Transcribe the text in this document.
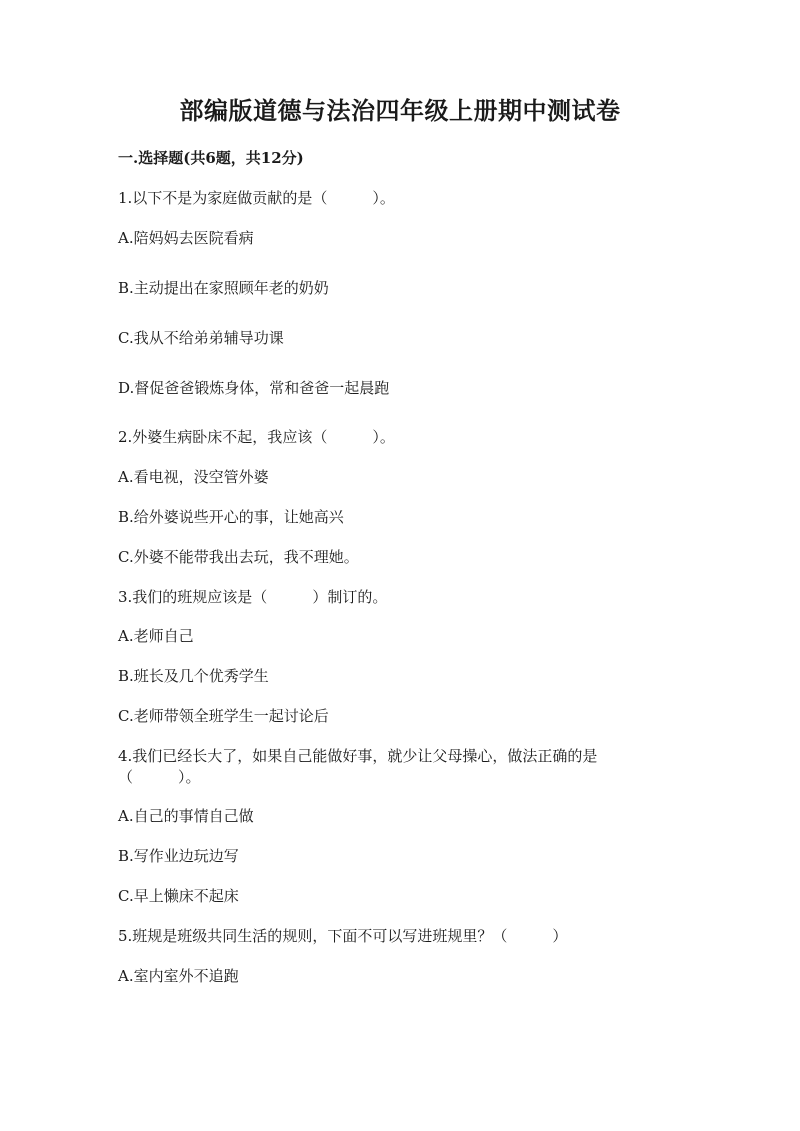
部编版道德与法治四年级上册期中测试卷
一.选择题(共6题，共12分)
1.以下不是为家庭做贡献的是（　　　）。
A.陪妈妈去医院看病
B.主动提出在家照顾年老的奶奶
C.我从不给弟弟辅导功课
D.督促爸爸锻炼身体，常和爸爸一起晨跑
2.外婆生病卧床不起，我应该（　　　）。
A.看电视，没空管外婆
B.给外婆说些开心的事，让她高兴
C.外婆不能带我出去玩，我不理她。
3.我们的班规应该是（　　　）制订的。
A.老师自己
B.班长及几个优秀学生
C.老师带领全班学生一起讨论后
4.我们已经长大了，如果自己能做好事，就少让父母操心，做法正确的是
（　　　）。
A.自己的事情自己做
B.写作业边玩边写
C.早上懒床不起床
5.班规是班级共同生活的规则，下面不可以写进班规里？（　　　）
A.室内室外不追跑
